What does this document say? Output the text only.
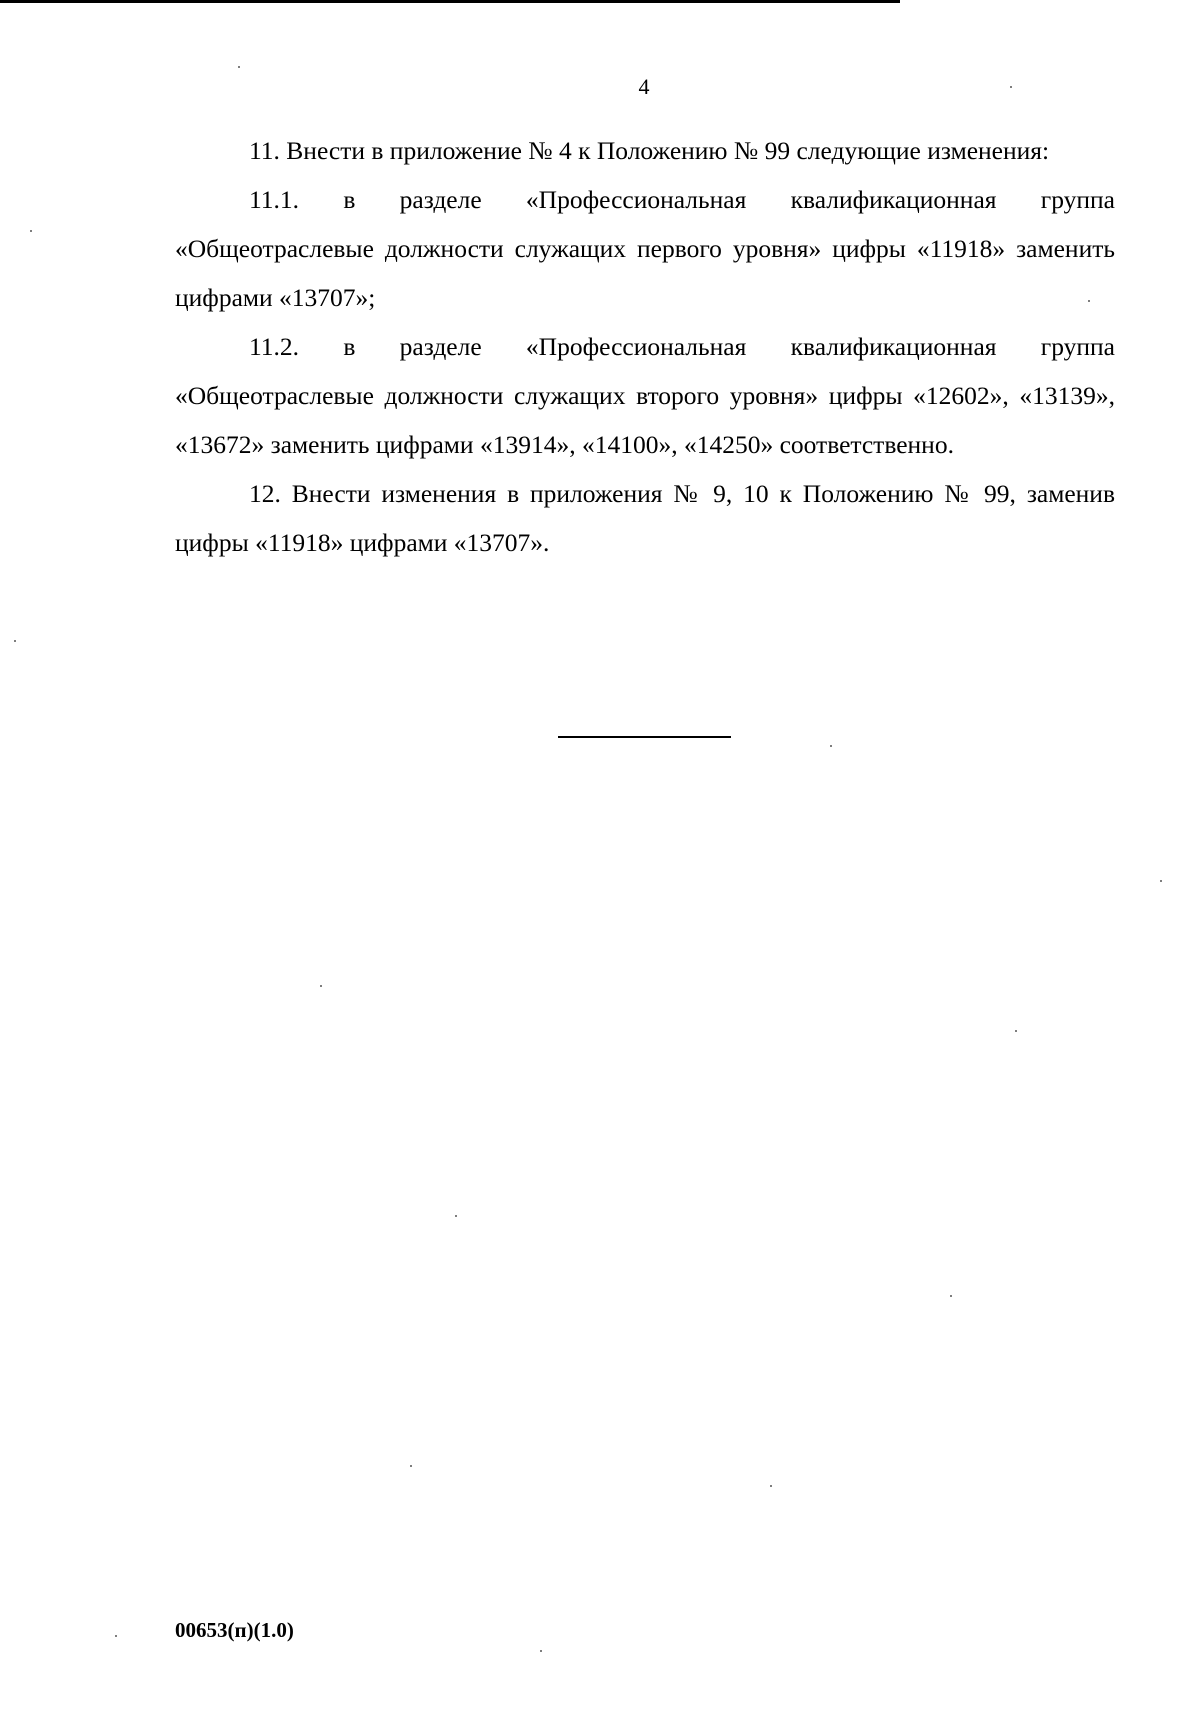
4

11. Внести в приложение № 4 к Положению № 99 следующие изменения:

11.1. в разделе «Профессиональная квалификационная группа «Общеотраслевые должности служащих первого уровня» цифры «11918» заменить цифрами «13707»;

11.2. в разделе «Профессиональная квалификационная группа «Общеотраслевые должности служащих второго уровня» цифры «12602», «13139», «13672» заменить цифрами «13914», «14100», «14250» соответственно.

12. Внести изменения в приложения № 9, 10 к Положению № 99, заменив цифры «11918» цифрами «13707».

00653(п)(1.0)
